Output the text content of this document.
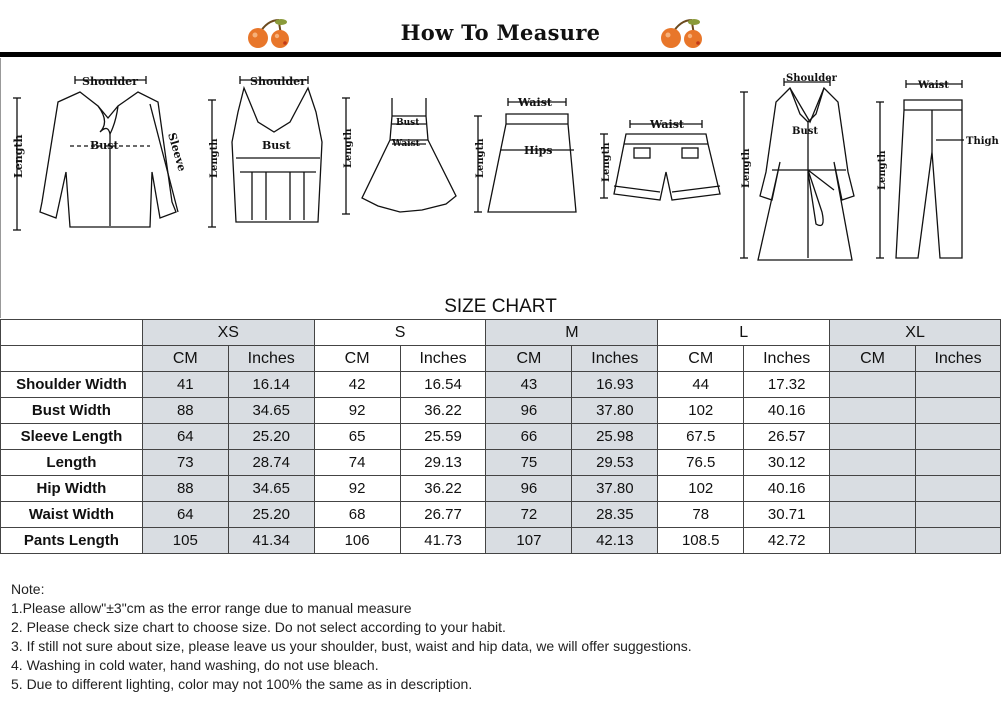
How To Measure
Shoulder
Bust	Sleeve
Length
Shoulder
Bust
Length
Bust
Waist
Length
Waist
Hips
Length
Waist
Length
Shoulder
Bust
Length
Waist
Thigh
Length
SIZE CHART
	XS		S		M		L		XL	
	CM	Inches	CM	Inches	CM	Inches	CM	Inches	CM	Inches
Shoulder Width	41	16.14	42	16.54	43	16.93	44	17.32		
Bust Width	88	34.65	92	36.22	96	37.80	102	40.16		
Sleeve Length	64	25.20	65	25.59	66	25.98	67.5	26.57		
Length	73	28.74	74	29.13	75	29.53	76.5	30.12		
Hip Width	88	34.65	92	36.22	96	37.80	102	40.16		
Waist Width	64	25.20	68	26.77	72	28.35	78	30.71		
Pants Length	105	41.34	106	41.73	107	42.13	108.5	42.72		
Note:
1.Please allow"±3"cm as the error range due to manual measure
2. Please check size chart to choose size. Do not select according to your habit.
3. If still not sure about size, please leave us your shoulder, bust, waist and hip data, we will offer suggestions.
4. Washing in cold water, hand washing, do not use bleach.
5. Due to different lighting, color may not 100% the same as in description.
